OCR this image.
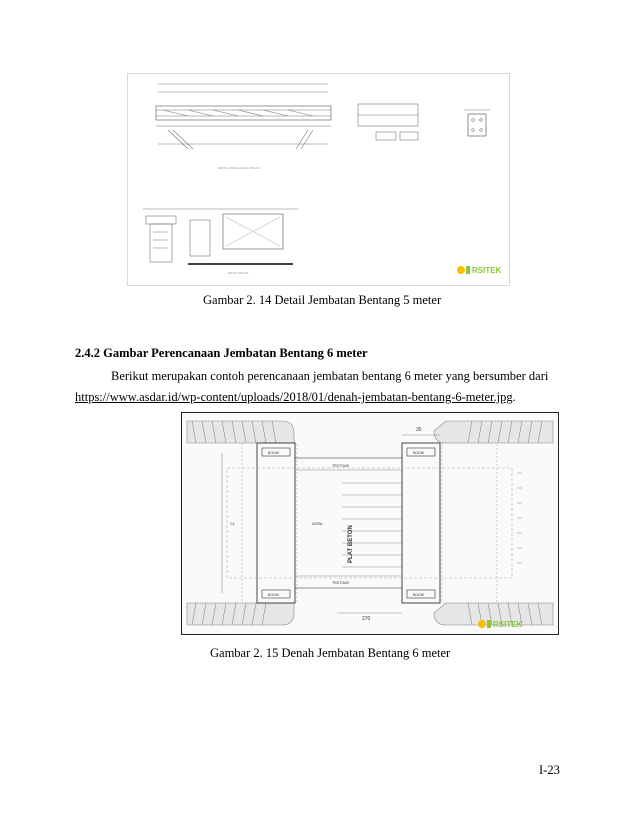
DETAIL PENULANGAN BALOK
DETAIL BOUW	RSITEK
Gambar 2. 14 Detail Jembatan Bentang 5 meter
2.4.2 Gambar Perencanaan Jembatan Bentang 6 meter
Berikut merupakan contoh perencanaan jembatan bentang 6 meter yang bersumber dari
https://www.asdar.id/wp-content/uploads/2018/01/denah-jembatan-bentang-6-meter.jpg.
30
270
TROTOAR
TROTOAR
ASPAL
CL
BOUW	BOUW
BOUW	BOUW
PLAT BETON
RSITEK
Gambar 2. 15 Denah Jembatan Bentang 6 meter
I-23
